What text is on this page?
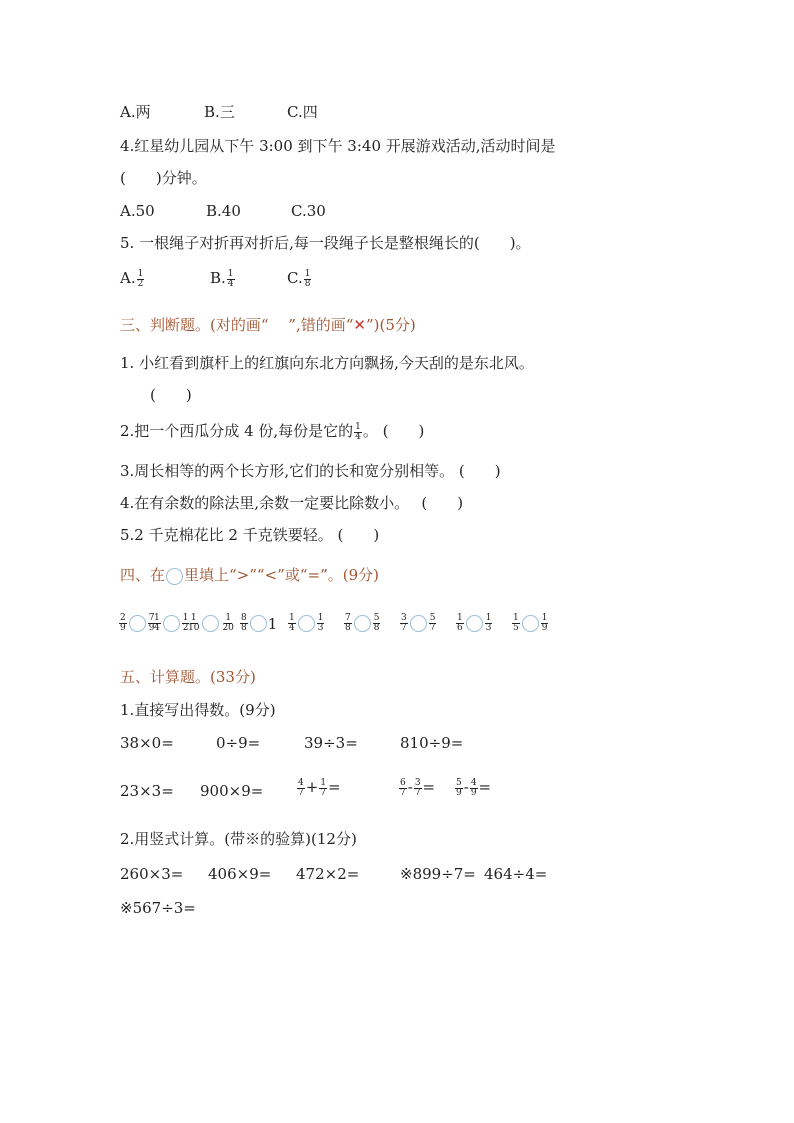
A.两	B.三	C.四
4.红星幼儿园从下午 3:00 到下午 3:40 开展游戏活动,活动时间是
(　　)分钟。
A.50	B.40	C.30
5. 一根绳子对折再对折后,每一段绳子长是整根绳长的(　　)。
A. $\frac{1}{2}$	B. $\frac{1}{4}$	C. $\frac{1}{8}$
三、判断题。(对的画“　 ”,错的画“✕”)(5分)
1. 小红看到旗杆上的红旗向东北方向飘扬,今天刮的是东北风。
(　　)
2.把一个西瓜分成 4 份,每份是它的 $\frac{1}{4}$ 。 (　　)
3.周长相等的两个长方形,它们的长和宽分别相等。 (　　)
4.在有余数的除法里,余数一定要比除数小。　 (　　)
5.2 千克棉花比 2 千克铁要轻。 (　　)
四、在 里填上“>”“<”或“=”。(9分)
$\frac{2}{9} \frac{7}{9}$
$\frac{1}{4} \frac{1}{2}$
$\frac{1}{10} \frac{1}{20} \frac{8}{8} 1 \frac{1}{4} \frac{1}{3} \frac{7}{8} \frac{5}{8} \frac{3}{7} \frac{5}{7} \frac{1}{6} \frac{1}{3} \frac{1}{5} \frac{1}{9}$
五、计算题。(33分)
1.直接写出得数。(9分)
38×0=	0÷9=	39÷3=	810÷9=
23×3= 900×9=	$\frac{4}{7} + \frac{1}{7}$ =	$\frac{6}{7} - \frac{3}{7} = \frac{5}{9} - \frac{4}{9}$ =
2.用竖式计算。(带※的验算)(12分)
260×3= 406×9= 472×2=	※899÷7= 464÷4=
※567÷3=
